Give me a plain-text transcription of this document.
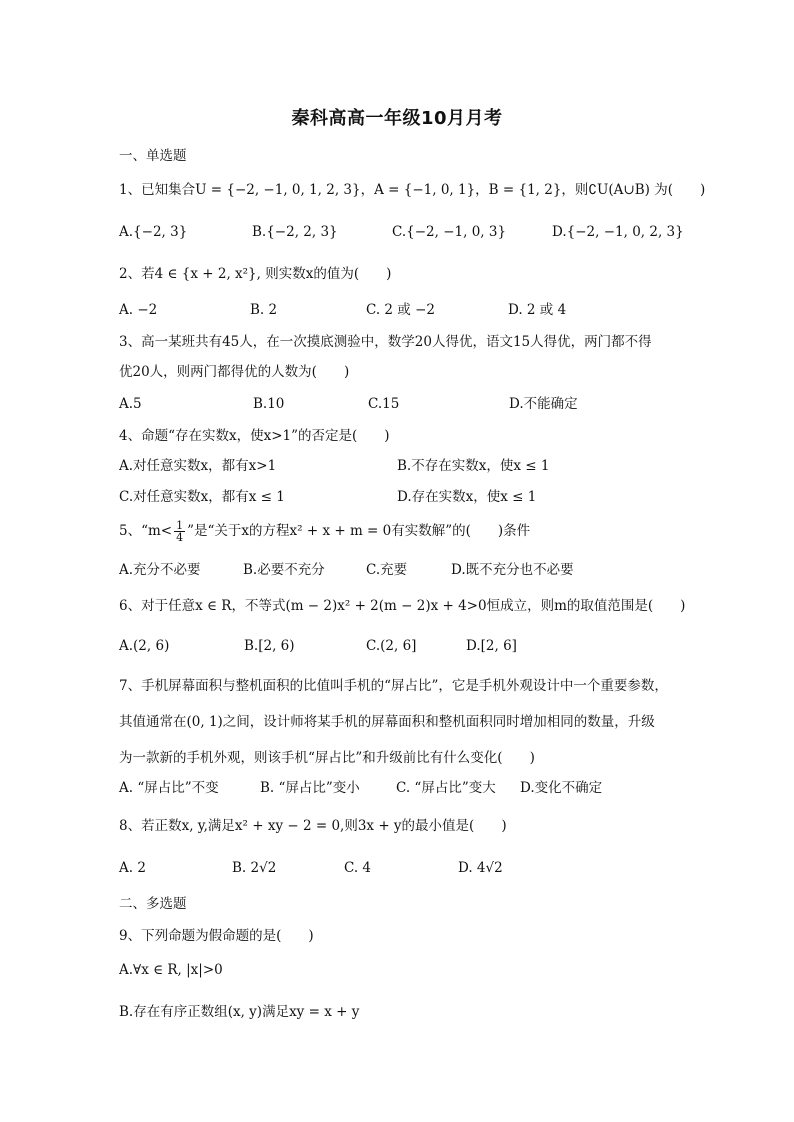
秦科高高一年级10月月考
一、单选题
1、已知集合U = {−2, −1, 0, 1, 2, 3}，A = {−1, 0, 1}，B = {1, 2}，则∁U(A∪B) 为(　　)
A.{−2, 3}	B.{−2, 2, 3}	C.{−2, −1, 0, 3}	D.{−2, −1, 0, 2, 3}
2、若4 ∈ {x + 2, x²}, 则实数x的值为(　　)
A. −2	B. 2	C. 2 或 −2	D. 2 或 4
3、高一某班共有45人，在一次摸底测验中，数学20人得优，语文15人得优，两门都不得
优20人，则两门都得优的人数为(　　)
A.5	B.10	C.15	D.不能确定
4、命题“存在实数x，使x>1”的否定是(　　)
A.对任意实数x，都有x>1	B.不存在实数x，使x ≤ 1
C.对任意实数x，都有x ≤ 1	D.存在实数x，使x ≤ 1
5、“$m< \frac{1}{4}$ ”是“关于x的方程x² + x + m = 0有实数解”的(　　)条件
A.充分不必要	B.必要不充分	C.充要	D.既不充分也不必要
6、对于任意x ∈ R，不等式(m − 2)x² + 2(m − 2)x + 4>0恒成立，则m的取值范围是(　　)
A.(2, 6)	B.[2, 6)	C.(2, 6]	D.[2, 6]
7、手机屏幕面积与整机面积的比值叫手机的“屏占比”，它是手机外观设计中一个重要参数，
其值通常在(0, 1)之间，设计师将某手机的屏幕面积和整机面积同时增加相同的数量，升级
为一款新的手机外观，则该手机“屏占比”和升级前比有什么变化(　　)
A. “屏占比”不变	B. “屏占比”变小	C. “屏占比”变大 D.变化不确定
8、若正数x, y,满足x² + xy − 2 = 0,则3x + y的最小值是(　　)
A. 2	B. 2√2	C. 4	D. 4√2
二、多选题
9、下列命题为假命题的是(　　)
A.∀x ∈ R, |x|>0
B.存在有序正数组(x, y)满足xy = x + y
